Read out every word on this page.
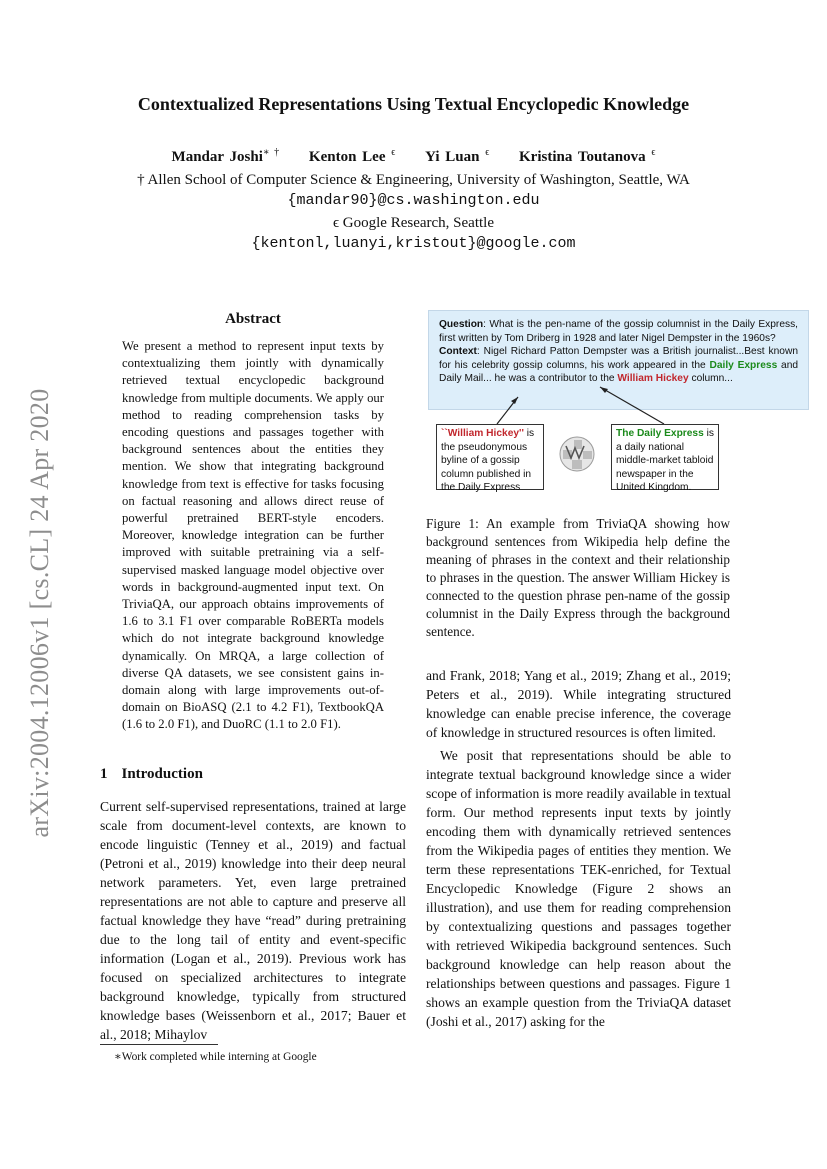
arXiv:2004.12006v1 [cs.CL] 24 Apr 2020
Contextualized Representations Using Textual Encyclopedic Knowledge
Mandar Joshi∗ † Kenton Lee $^\epsilon$ Yi Luan $^\epsilon$ Kristina Toutanova $^\epsilon$
† Allen School of Computer Science & Engineering, University of Washington, Seattle, WA
{mandar90}@cs.washington.edu
ϵ Google Research, Seattle
{kentonl,luanyi,kristout}@google.com
Abstract
We present a method to represent input texts by contextualizing them jointly with dynamically retrieved textual encyclopedic background knowledge from multiple documents. We apply our method to reading comprehension tasks by encoding questions and passages together with background sentences about the entities they mention. We show that integrating background knowledge from text is effective for tasks focusing on factual reasoning and allows direct reuse of powerful pretrained BERT-style encoders. Moreover, knowledge integration can be further improved with suitable pretraining via a self-supervised masked language model objective over words in background-augmented input text. On TriviaQA, our approach obtains improvements of 1.6 to 3.1 F1 over comparable RoBERTa models which do not integrate background knowledge dynamically. On MRQA, a large collection of diverse QA datasets, we see consistent gains in-domain along with large improvements out-of-domain on BioASQ (2.1 to 4.2 F1), TextbookQA (1.6 to 2.0 F1), and DuoRC (1.1 to 2.0 F1).
1 Introduction
Current self-supervised representations, trained at large scale from document-level contexts, are known to encode linguistic (Tenney et al., 2019) and factual (Petroni et al., 2019) knowledge into their deep neural network parameters. Yet, even large pretrained representations are not able to capture and preserve all factual knowledge they have “read” during pretraining due to the long tail of entity and event-specific information (Logan et al., 2019). Previous work has focused on specialized architectures to integrate background knowledge, typically from structured knowledge bases (Weissenborn et al., 2017; Bauer et al., 2018; Mihaylov
∗Work completed while interning at Google
Question: What is the pen-name of the gossip columnist in the Daily Express, first written by Tom Driberg in 1928 and later Nigel Dempster in the 1960s?
Context: Nigel Richard Patton Dempster was a British journalist...Best known for his celebrity gossip columns, his work appeared in the Daily Express and Daily Mail... he was a contributor to the William Hickey column...
``William Hickey'' is the pseudonymous byline of a gossip column published in the Daily Express
The Daily Express is a daily national middle-market tabloid newspaper in the United Kingdom.
Figure 1: An example from TriviaQA showing how background sentences from Wikipedia help define the meaning of phrases in the context and their relationship to phrases in the question. The answer William Hickey is connected to the question phrase pen-name of the gossip columnist in the Daily Express through the background sentence.

and Frank, 2018; Yang et al., 2019; Zhang et al., 2019; Peters et al., 2019). While integrating structured knowledge can enable precise inference, the coverage of knowledge in structured resources is often limited.

We posit that representations should be able to integrate textual background knowledge since a wider scope of information is more readily available in textual form. Our method represents input texts by jointly encoding them with dynamically retrieved sentences from the Wikipedia pages of entities they mention. We term these representations TEK-enriched, for Textual Encyclopedic Knowledge (Figure 2 shows an illustration), and use them for reading comprehension by contextualizing questions and passages together with retrieved Wikipedia background sentences. Such background knowledge can help reason about the relationships between questions and passages. Figure 1 shows an example question from the TriviaQA dataset (Joshi et al., 2017) asking for the
